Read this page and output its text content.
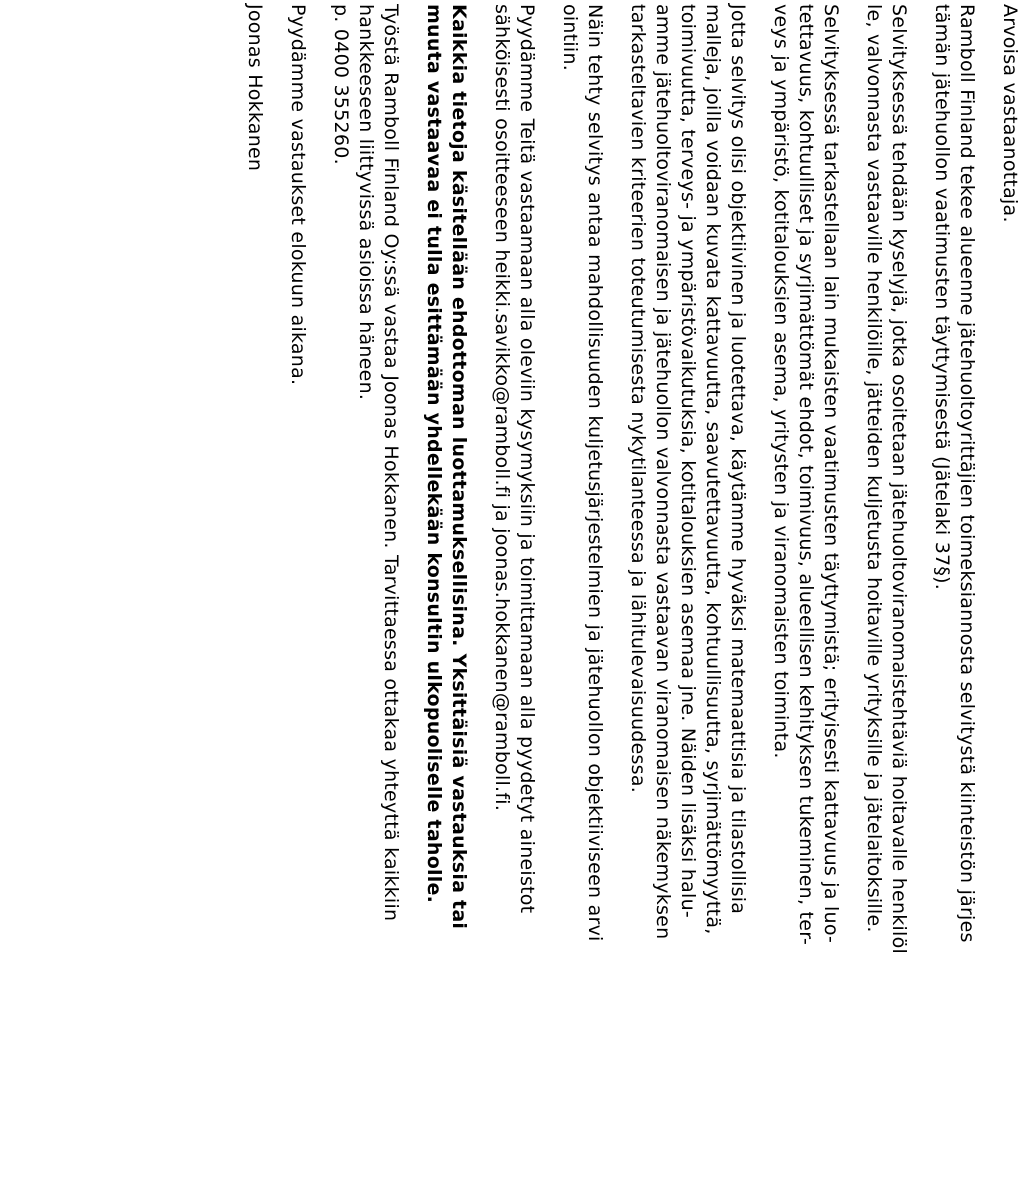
Arvoisa vastaanottaja.
Ramboll Finland tekee alueenne jätehuoltoyrittäjien toimeksiannosta selvitystä kiinteistön järjes
tämän jätehuollon vaatimusten täyttymisestä (Jätelaki 37§).
Selvityksessä tehdään kyselyjä, jotka osoitetaan jätehuoltoviranomaistehtäviä hoitavalle henkilöl
le, valvonnasta vastaaville henkilöille, jätteiden kuljetusta hoitaville yrityksille ja jätelaitoksille.
Selvityksessä tarkastellaan lain mukaisten vaatimusten täyttymistä; erityisesti kattavuus ja luo-
tettavuus, kohtuulliset ja syrjimättömät ehdot, toimivuus, alueellisen kehityksen tukeminen, ter-
veys ja ympäristö, kotitalouksien asema, yritysten ja viranomaisten toiminta.
Jotta selvitys olisi objektiivinen ja luotettava, käytämme hyväksi matemaattisia ja tilastollisia
malleja, joilla voidaan kuvata kattavuutta, saavutettavuutta, kohtuullisuutta, syrjimättömyyttä,
toimivuutta, terveys- ja ympäristövaikutuksia, kotitalouksien asemaa jne. Näiden lisäksi halu-
amme jätehuoltoviranomaisen ja jätehuollon valvonnasta vastaavan viranomaisen näkemyksen
tarkasteltavien kriteerien toteutumisesta nykytilanteessa ja lähitulevaisuudessa.
Näin tehty selvitys antaa mahdollisuuden kuljetusjärjestelmien ja jätehuollon objektiiviseen arvi
ointiin.
Pyydämme Teitä vastaamaan alla oleviin kysymyksiin ja toimittamaan alla pyydetyt aineistot
sähköisesti osoitteeseen heikki.savikko@ramboll.fi ja joonas.hokkanen@ramboll.fi.
Kaikkia tietoja käsitellään ehdottoman luottamuksellisina. Yksittäisiä vastauksia tai
muuta vastaavaa ei tulla esittämään yhdellekään konsultin ulkopuoliselle taholle.
Työstä Ramboll Finland Oy:ssä vastaa Joonas Hokkanen. Tarvittaessa ottakaa yhteyttä kaikkiin
hankkeeseen liittyvissä asioissa häneen.
p. 0400 355260.
Pyydämme vastaukset elokuun aikana.
Joonas Hokkanen
